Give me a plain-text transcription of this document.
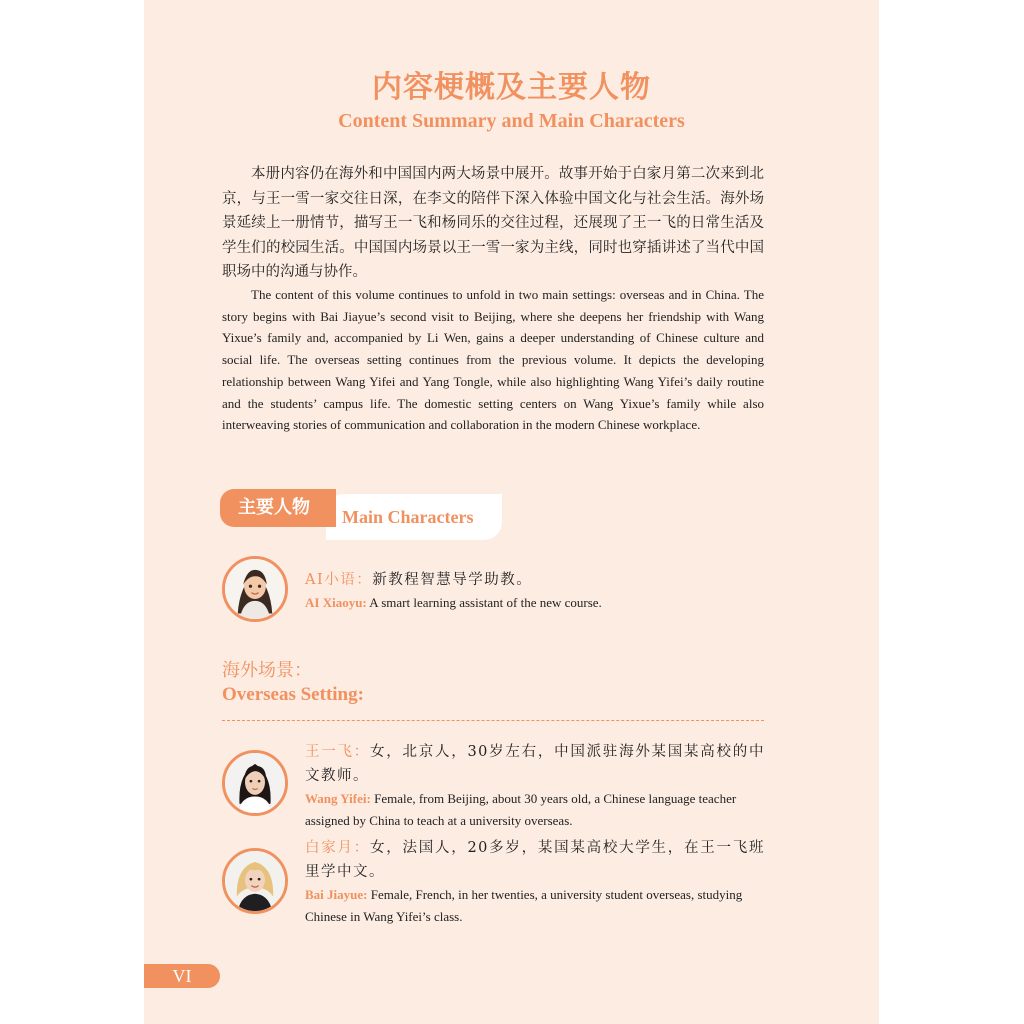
内容梗概及主要人物
Content Summary and Main Characters

本册内容仍在海外和中国国内两大场景中展开。故事开始于白家月第二次来到北京，与王一雪一家交往日深，在李文的陪伴下深入体验中国文化与社会生活。海外场景延续上一册情节，描写王一飞和杨同乐的交往过程，还展现了王一飞的日常生活及学生们的校园生活。中国国内场景以王一雪一家为主线，同时也穿插讲述了当代中国职场中的沟通与协作。

The content of this volume continues to unfold in two main settings: overseas and in China. The story begins with Bai Jiayue’s second visit to Beijing, where she deepens her friendship with Wang Yixue’s family and, accompanied by Li Wen, gains a deeper understanding of Chinese culture and social life. The overseas setting continues from the previous volume. It depicts the developing relationship between Wang Yifei and Yang Tongle, while also highlighting Wang Yifei’s daily routine and the students’ campus life. The domestic setting centers on Wang Yixue’s family while also interweaving stories of communication and collaboration in the modern Chinese workplace.

Main Characters
主要人物
AI小语：新教程智慧导学助教。
AI Xiaoyu: A smart learning assistant of the new course.
海外场景：
Overseas Setting:
王一飞：女，北京人，30岁左右，中国派驻海外某国某高校的中文教师。
Wang Yifei: Female, from Beijing, about 30 years old, a Chinese language teacher assigned by China to teach at a university overseas.
白家月：女，法国人，20多岁，某国某高校大学生，在王一飞班里学中文。
Bai Jiayue: Female, French, in her twenties, a university student overseas, studying Chinese in Wang Yifei’s class.
VI
